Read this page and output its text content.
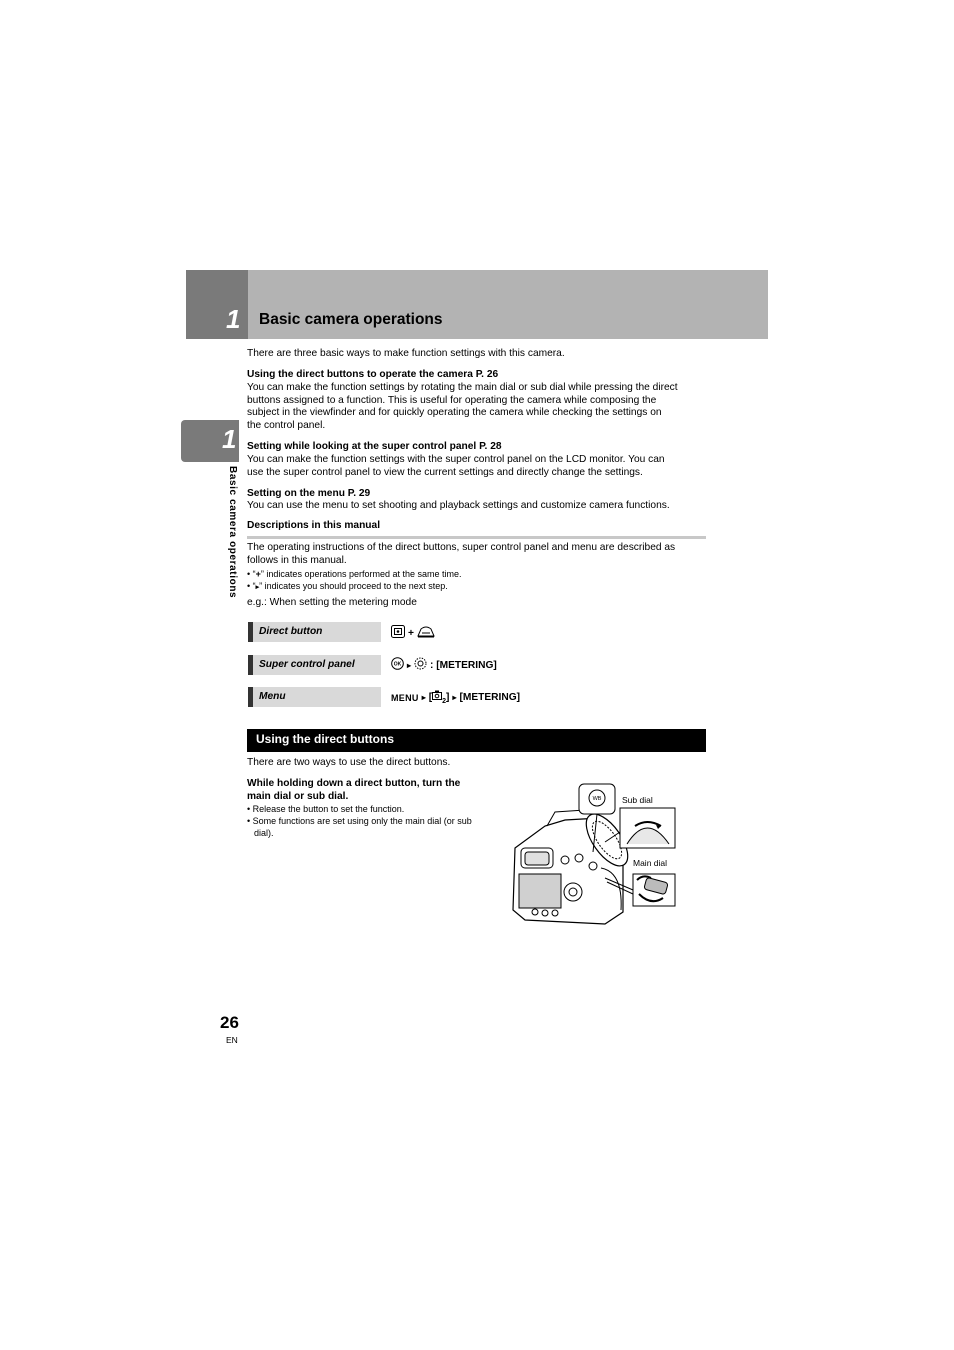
1 Basic camera operations
1
Basic camera operations
There are three basic ways to make function settings with this camera.
Using the direct buttons to operate the camera P. 26
You can make the function settings by rotating the main dial or sub dial while pressing the direct
buttons assigned to a function. This is useful for operating the camera while composing the
subject in the viewfinder and for quickly operating the camera while checking the settings on
the control panel.
Setting while looking at the super control panel P. 28
You can make the function settings with the super control panel on the LCD monitor. You can
use the super control panel to view the current settings and directly change the settings.
Setting on the menu P. 29
You can use the menu to set shooting and playback settings and customize camera functions.
Descriptions in this manual
The operating instructions of the direct buttons, super control panel and menu are described as
follows in this manual.
• “+” indicates operations performed at the same time.
• “▸” indicates you should proceed to the next step.
e.g.: When setting the metering mode
Direct button	+
Super control panel	OK ▸ : [METERING]
Menu	MENU ▸ [ $_2$] ▸ [METERING]
Using the direct buttons
There are two ways to use the direct buttons.
While holding down a direct button, turn the
main dial or sub dial.
• Release the button to set the function.
• Some functions are set using only the main dial (or sub
dial).
WB Sub dial
Main dial
26
EN
